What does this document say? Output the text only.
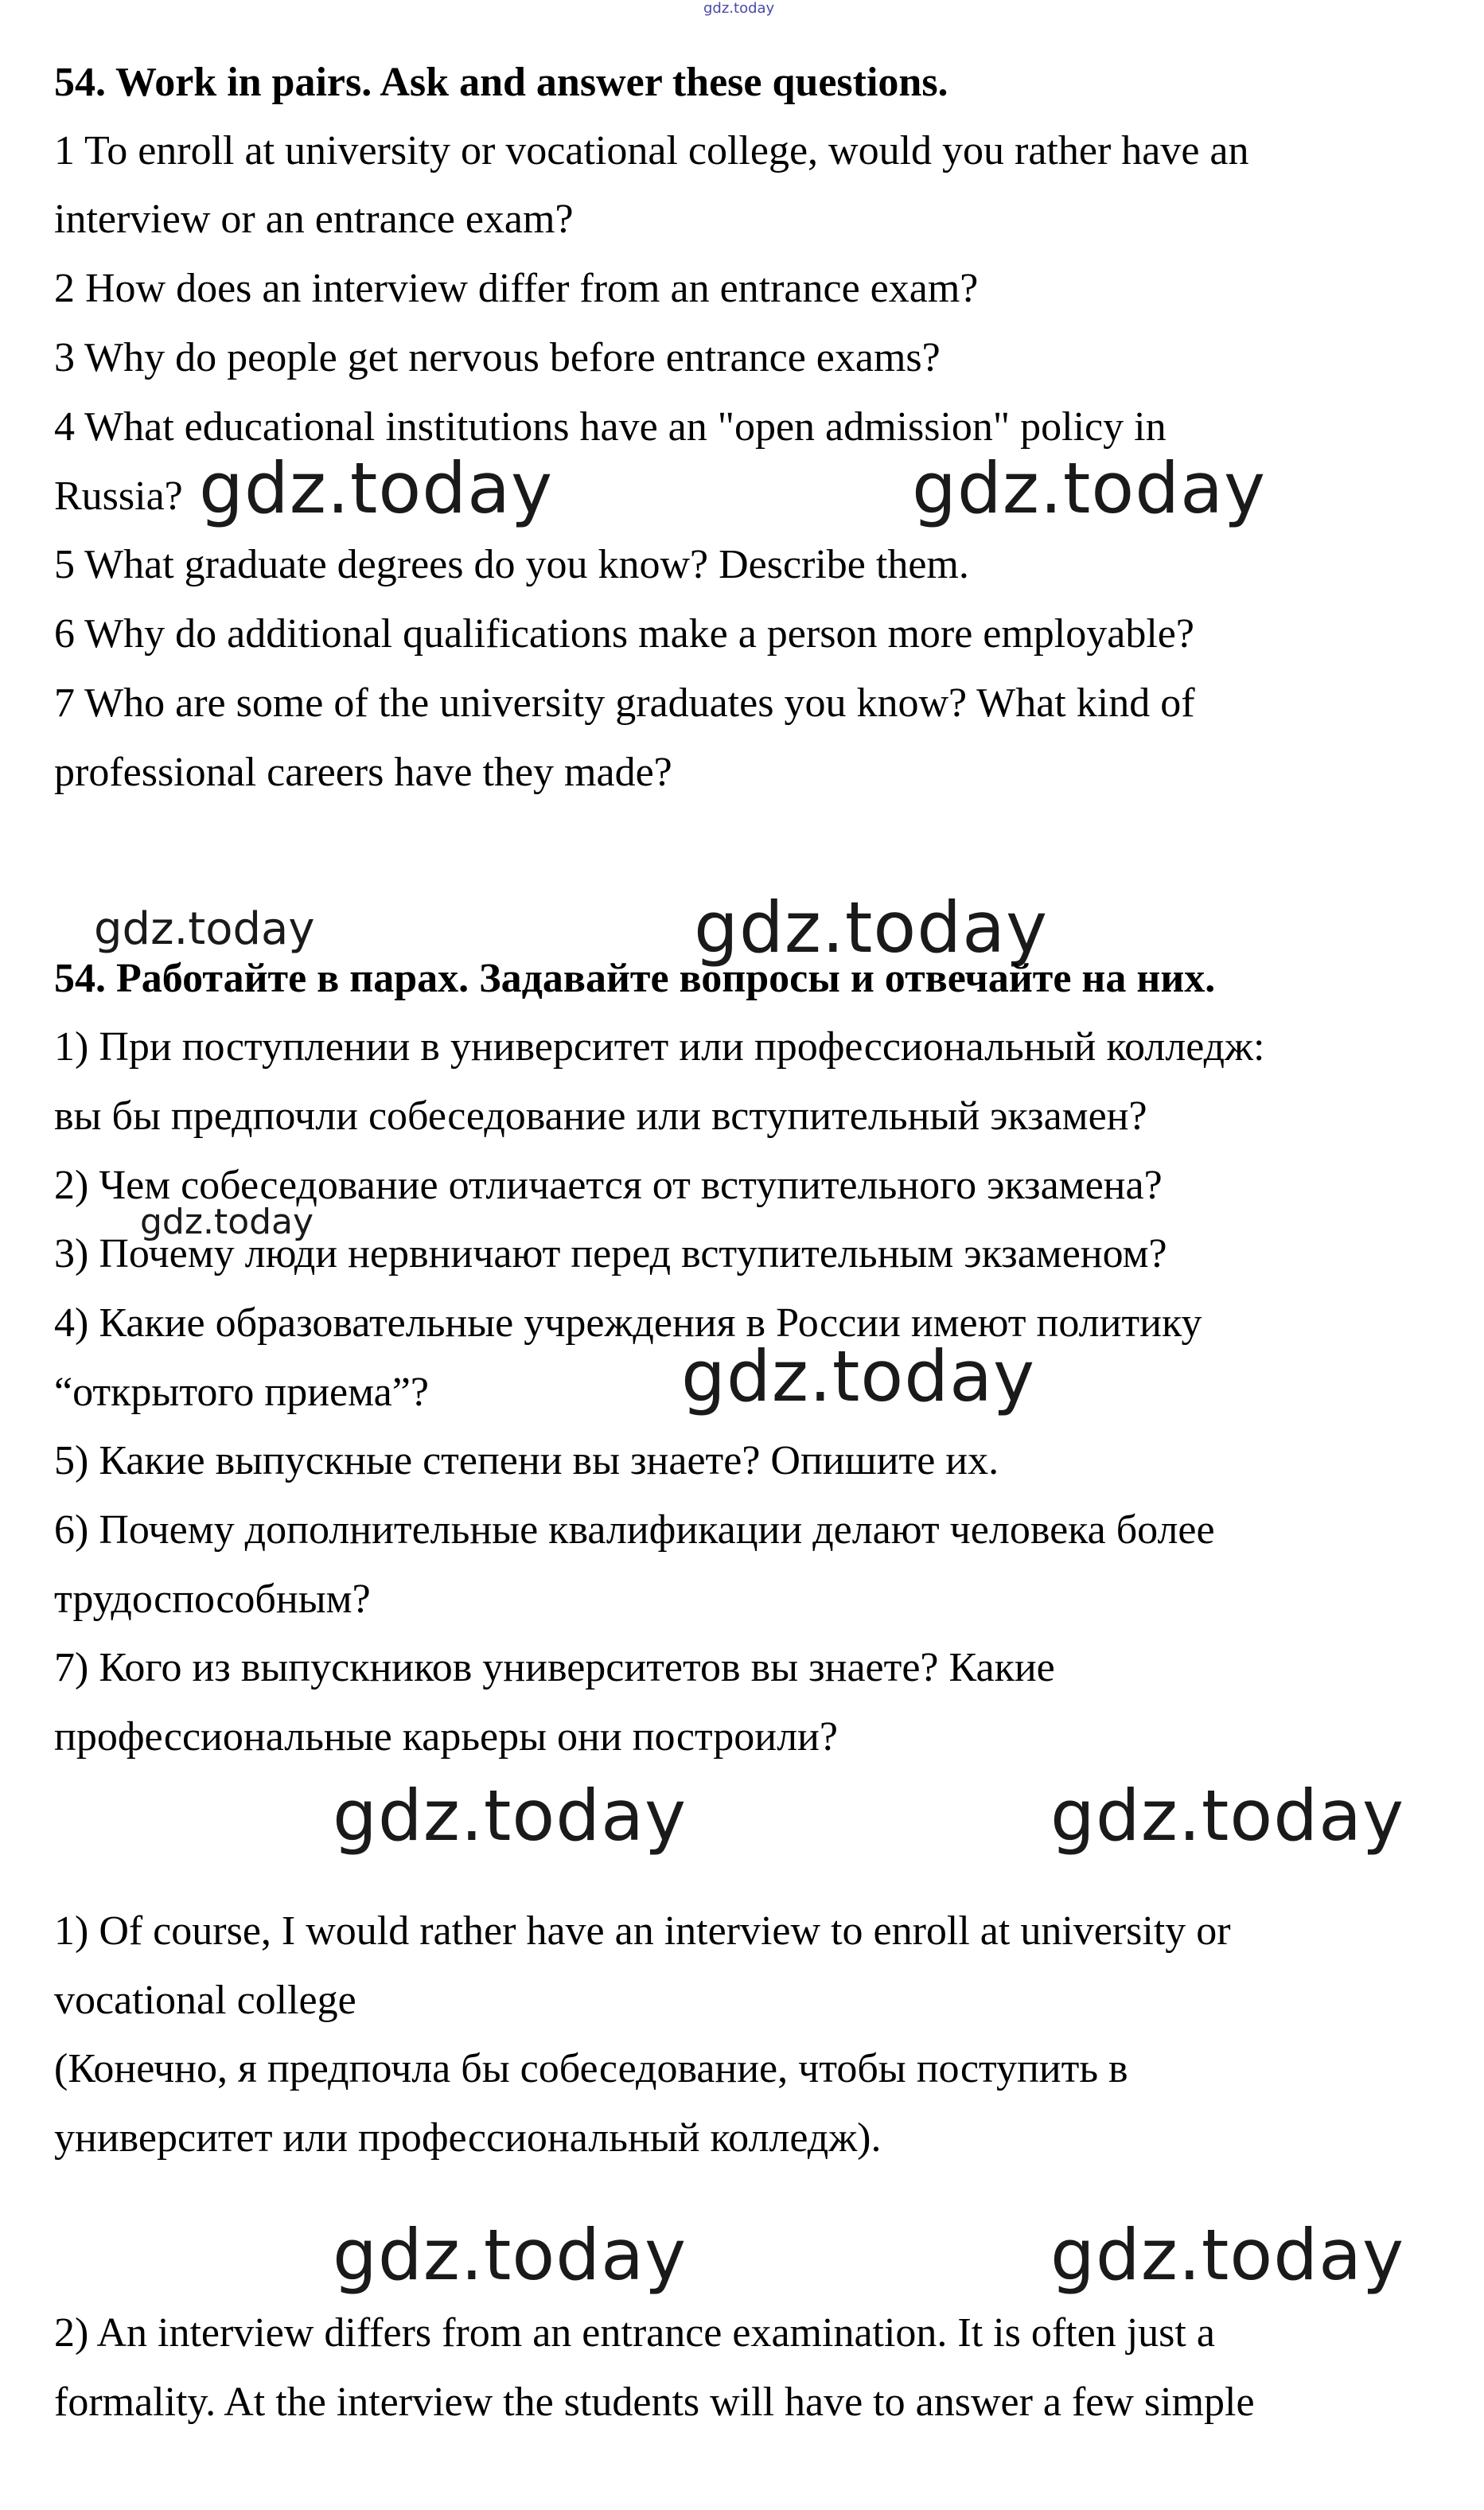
gdz.today
54. Work in pairs. Ask and answer these questions.
1 To enroll at university or vocational college, would you rather have an
interview or an entrance exam?
2 How does an interview differ from an entrance exam?
3 Why do people get nervous before entrance exams?
4 What educational institutions have an "open admission" policy in
Russia?
5 What graduate degrees do you know? Describe them.
6 Why do additional qualifications make a person more employable?
7 Who are some of the university graduates you know? What kind of
professional careers have they made?
gdz.today	gdz.today
gdz.today	gdz.today
54. Работайте в парах. Задавайте вопросы и отвечайте на них.
1) При поступлении в университет или профессиональный колледж:
вы бы предпочли собеседование или вступительный экзамен?
2) Чем собеседование отличается от вступительного экзамена?
3) Почему люди нервничают перед вступительным экзаменом?
4) Какие образовательные учреждения в России имеют политику
“открытого приема”?
5) Какие выпускные степени вы знаете? Опишите их.
6) Почему дополнительные квалификации делают человека более
трудоспособным?
7) Кого из выпускников университетов вы знаете? Какие
профессиональные карьеры они построили?
gdz.today
gdz.today
gdz.today	gdz.today
1) Of course, I would rather have an interview to enroll at university or
vocational college
(Конечно, я предпочла бы собеседование, чтобы поступить в
университет или профессиональный колледж).
gdz.today	gdz.today
2) An interview differs from an entrance examination. It is often just a
formality. At the interview the students will have to answer a few simple
